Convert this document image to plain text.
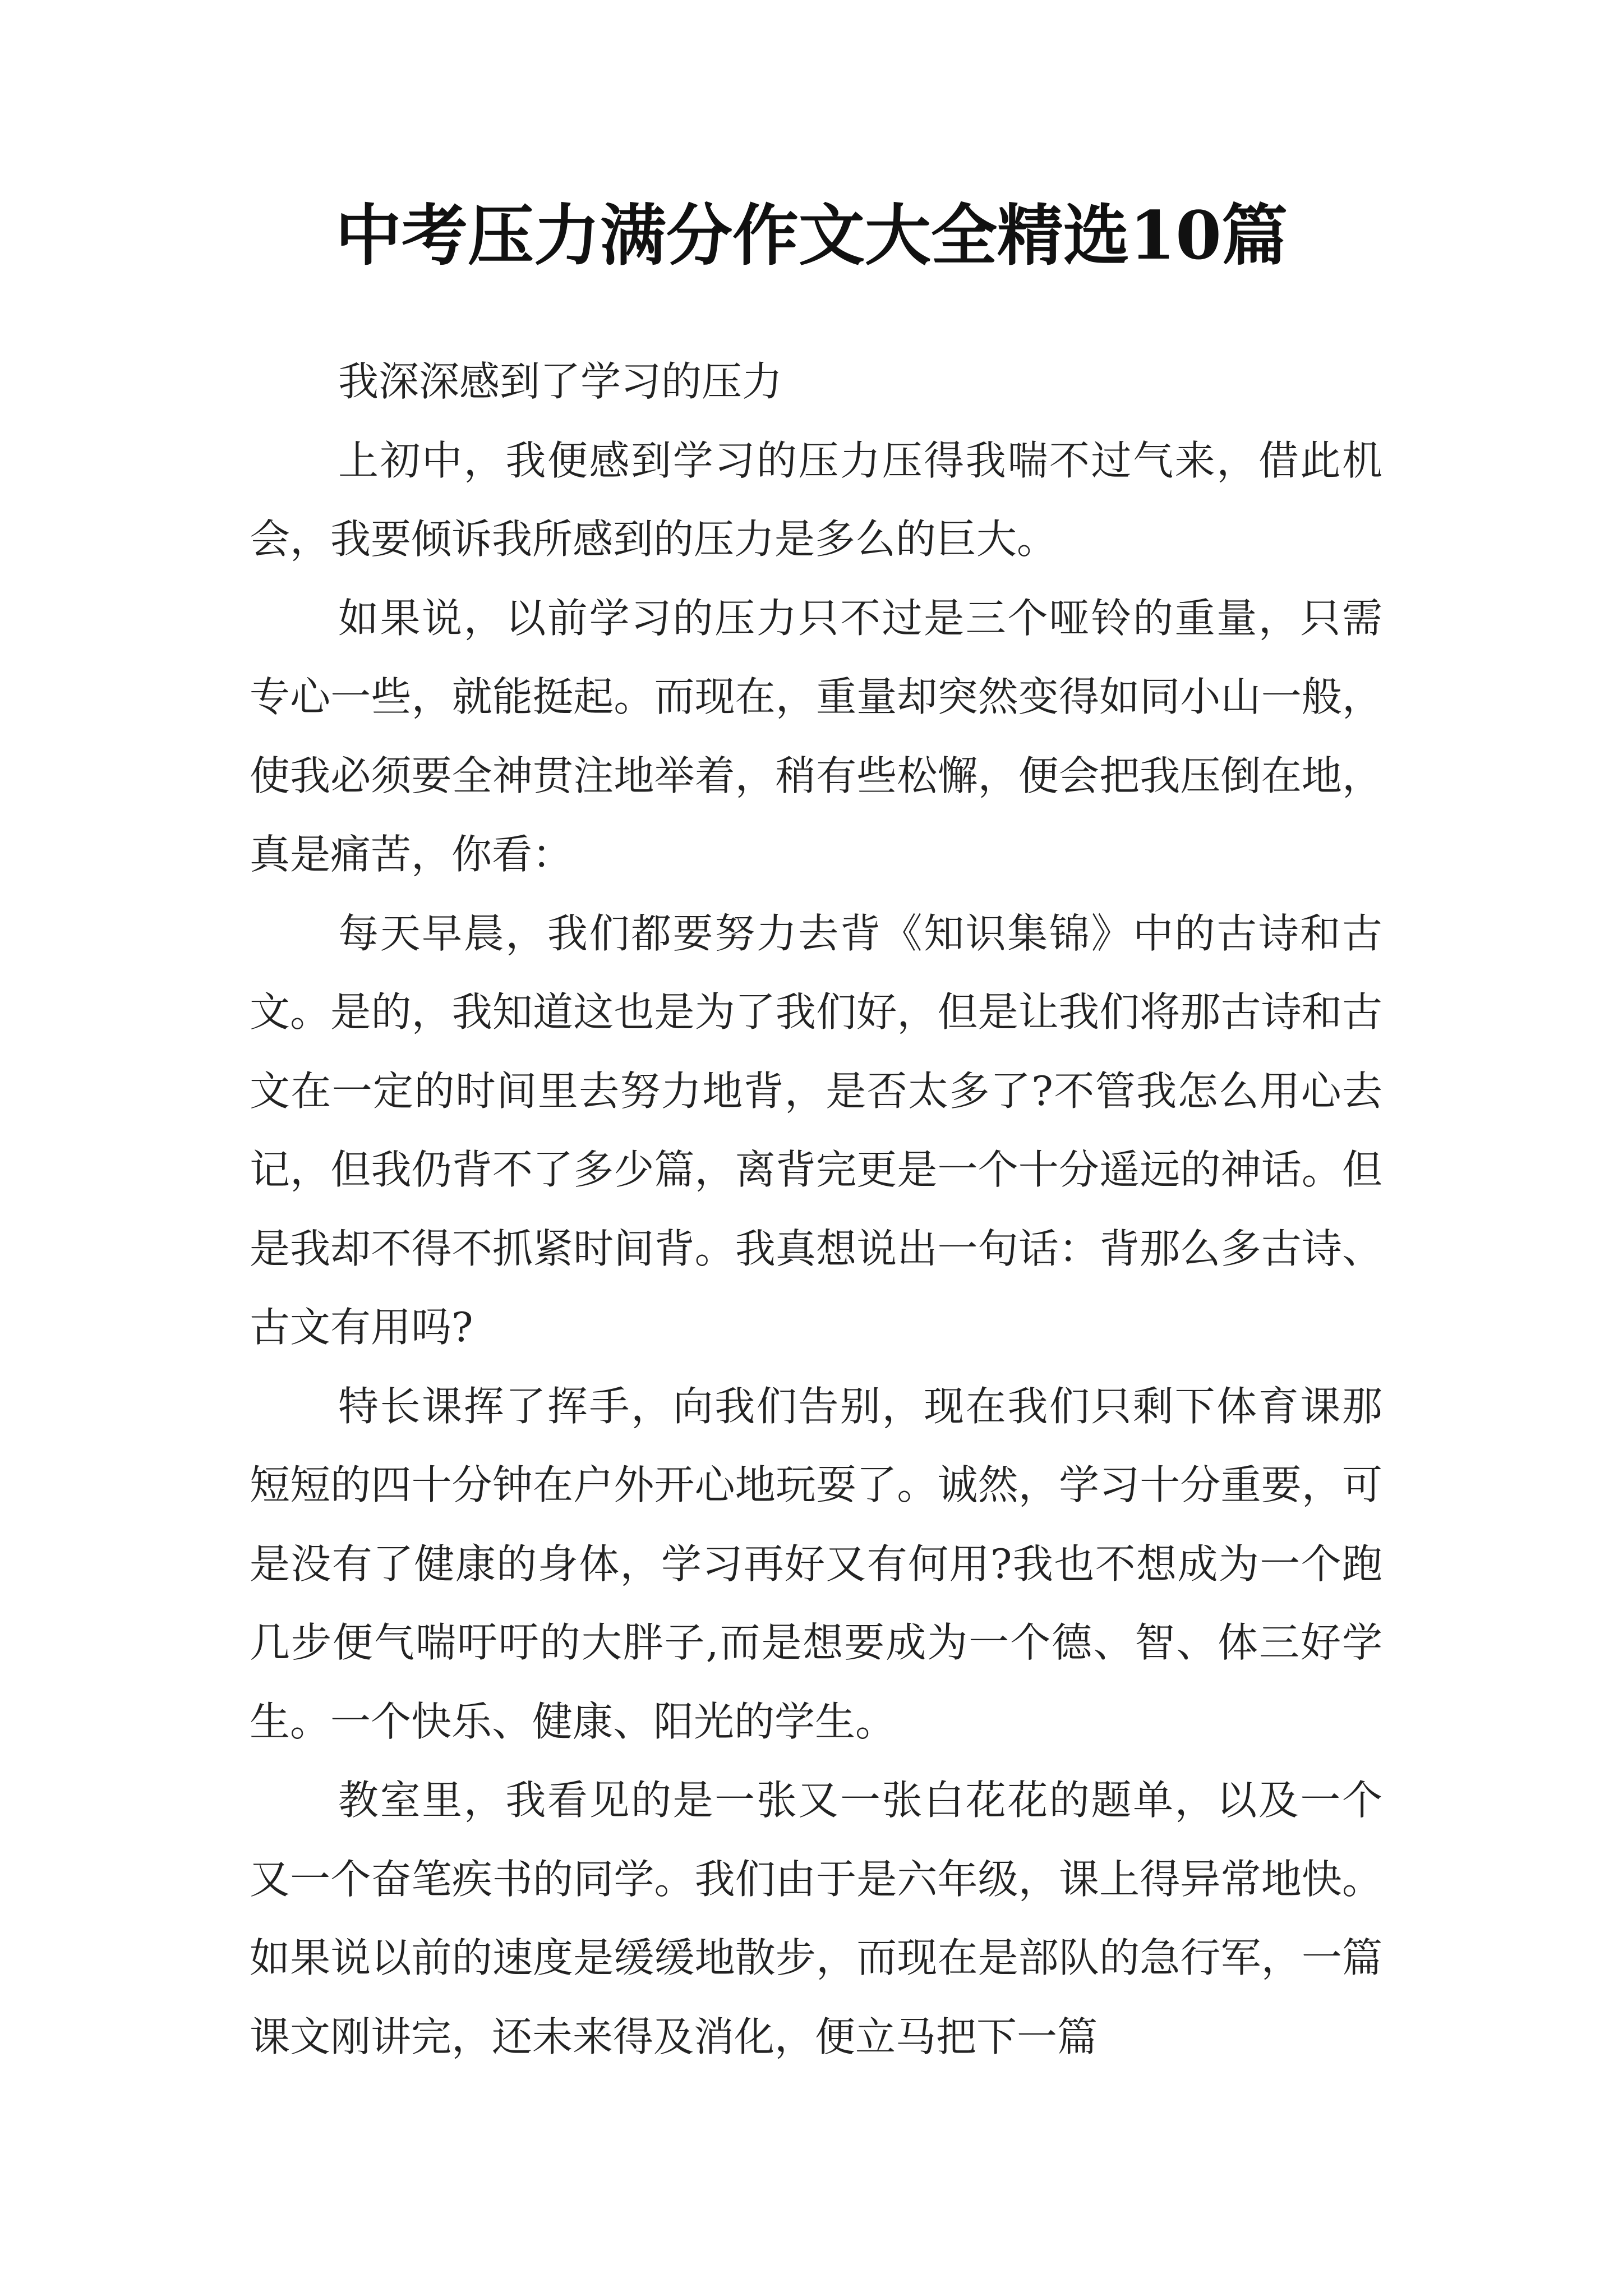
中考压力满分作文大全精选10篇

我深深感到了学习的压力

上初中，我便感到学习的压力压得我喘不过气来，借此机会，我要倾诉我所感到的压力是多么的巨大。

如果说，以前学习的压力只不过是三个哑铃的重量，只需专心一些，就能挺起。而现在，重量却突然变得如同小山一般，使我必须要全神贯注地举着，稍有些松懈，便会把我压倒在地，真是痛苦，你看：

每天早晨，我们都要努力去背《知识集锦》中的古诗和古文。是的，我知道这也是为了我们好，但是让我们将那古诗和古文在一定的时间里去努力地背，是否太多了?不管我怎么用心去记，但我仍背不了多少篇，离背完更是一个十分遥远的神话。但是我却不得不抓紧时间背。我真想说出一句话：背那么多古诗、古文有用吗?

特长课挥了挥手，向我们告别，现在我们只剩下体育课那短短的四十分钟在户外开心地玩耍了。诚然，学习十分重要，可是没有了健康的身体，学习再好又有何用?我也不想成为一个跑几步便气喘吁吁的大胖子,而是想要成为一个德、智、体三好学生。一个快乐、健康、阳光的学生。

教室里，我看见的是一张又一张白花花的题单，以及一个又一个奋笔疾书的同学。我们由于是六年级，课上得异常地快。如果说以前的速度是缓缓地散步，而现在是部队的急行军，一篇课文刚讲完，还未来得及消化，便立马把下一篇
